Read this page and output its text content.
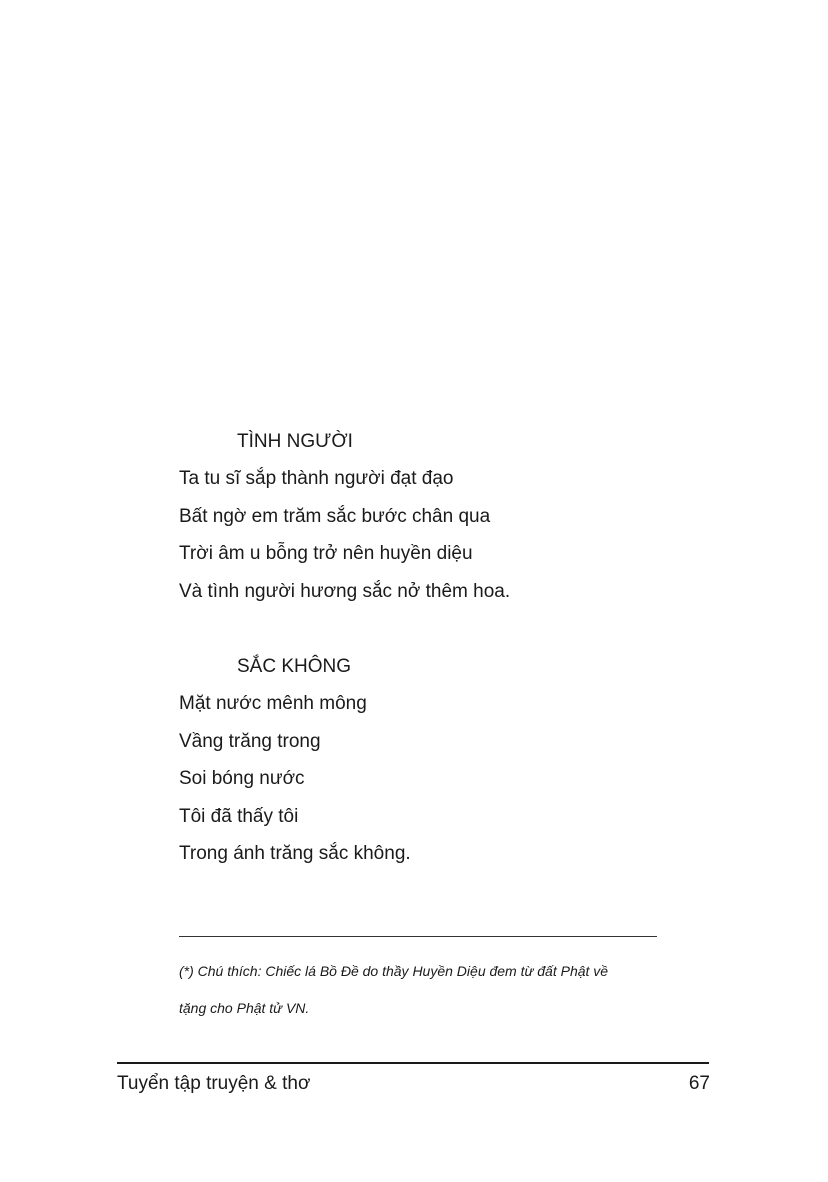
TÌNH NGƯỜI
Ta tu sĩ sắp thành người đạt đạo
Bất ngờ em trăm sắc bước chân qua
Trời âm u bỗng trở nên huyền diệu
Và tình người hương sắc nở thêm hoa.
SẮC KHÔNG
Mặt nước mênh mông
Vầng trăng trong
Soi bóng nước
Tôi đã thấy tôi
Trong ánh trăng sắc không.
(*) Chú thích: Chiếc lá Bồ Đề do thầy Huyền Diệu đem từ đất Phật về
tặng cho Phật tử VN.
Tuyển tập truyện & thơ	67
